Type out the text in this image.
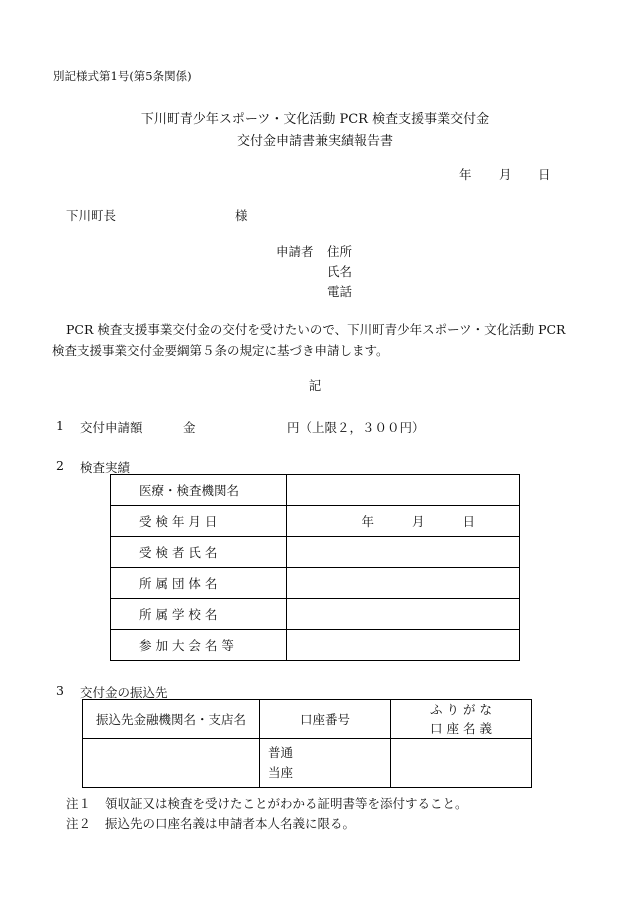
別記様式第1号(第5条関係)
下川町青少年スポーツ・文化活動 PCR 検査支援事業交付金
交付金申請書兼実績報告書
年 月 日
下川町長	様
申請者 住所
氏名
電話
PCR 検査支援事業交付金の交付を受けたいので、下川町青少年スポーツ・文化活動 PCR
検査支援事業交付金要綱第５条の規定に基づき申請します。
記
1 交付申請額	金	円（上限２，３００円）
2 検査実績
医療・検査機関名	

受 検 年 月 日	年 月 日

受 検 者 氏 名	

所 属 団 体 名	

所 属 学 校 名	

参 加 大 会 名 等	

3 交付金の振込先
振込先金融機関名・支店名	口座番号	ふ り が な
口 座 名 義

	普通
当座	

注１ 領収証又は検査を受けたことがわかる証明書等を添付すること。
注２ 振込先の口座名義は申請者本人名義に限る。
